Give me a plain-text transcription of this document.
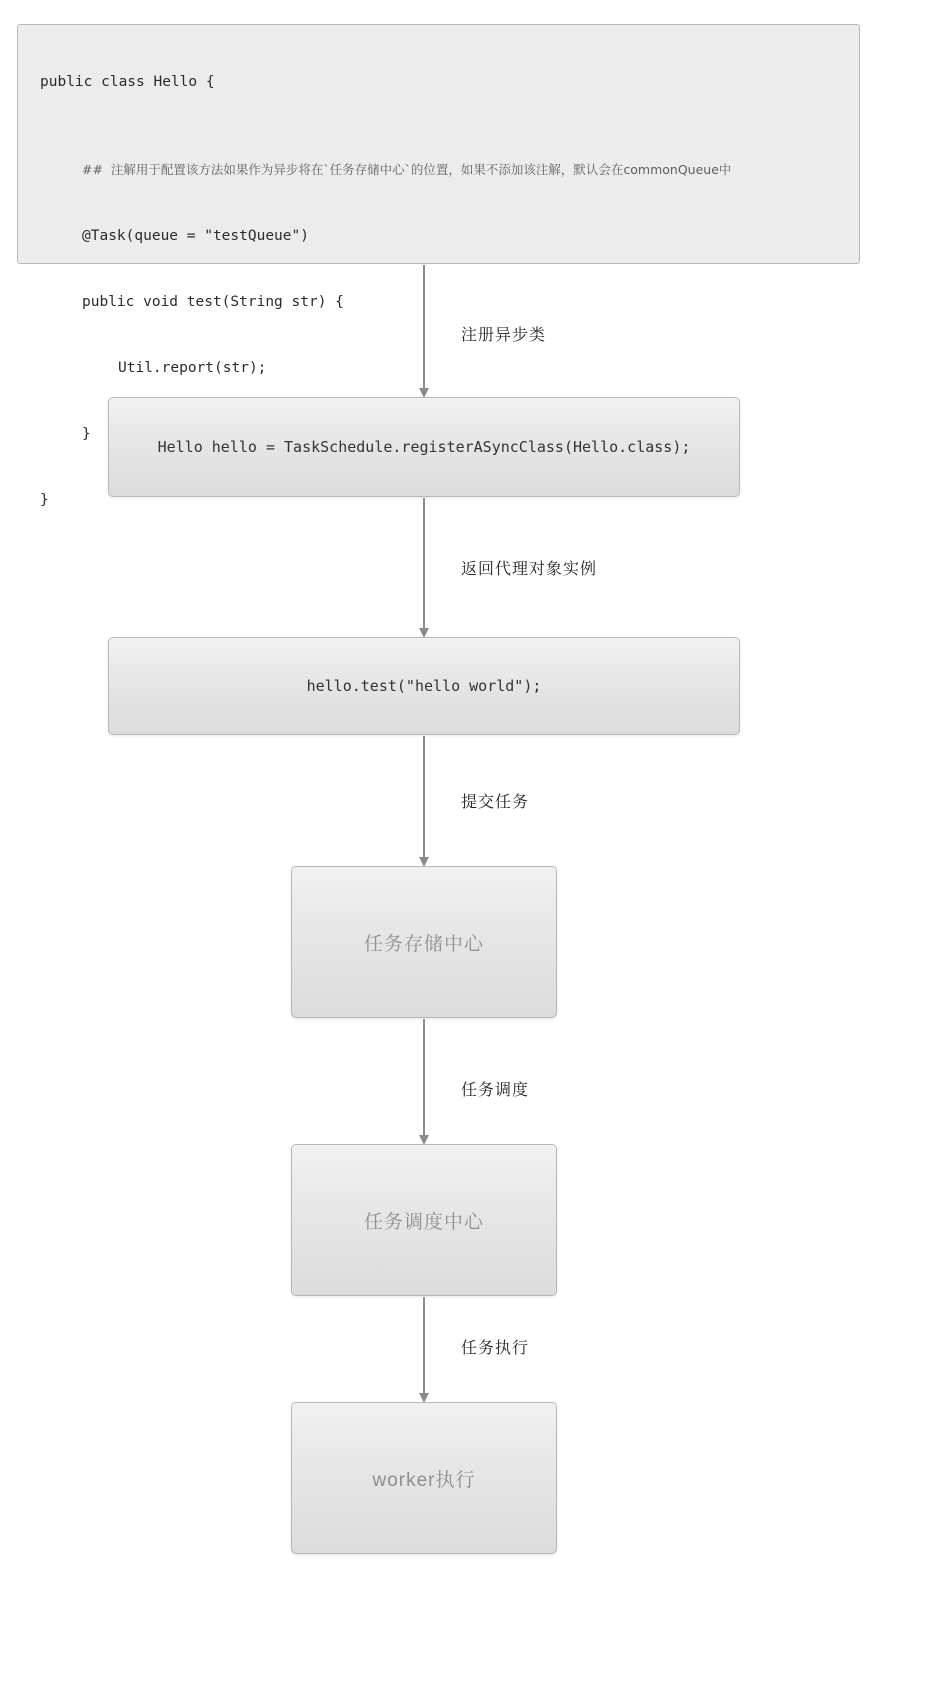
public class Hello {

##  注解用于配置该方法如果作为异步将在`任务存储中心`的位置，如果不添加该注解，默认会在commonQueue中

@Task(queue = "testQueue")

public void test(String str) {

Util.report(str);

}

}

注册异步类
Hello hello = TaskSchedule.registerASyncClass(Hello.class);
返回代理对象实例
hello.test("hello world");
提交任务
任务存储中心
任务调度
任务调度中心
任务执行
worker执行
